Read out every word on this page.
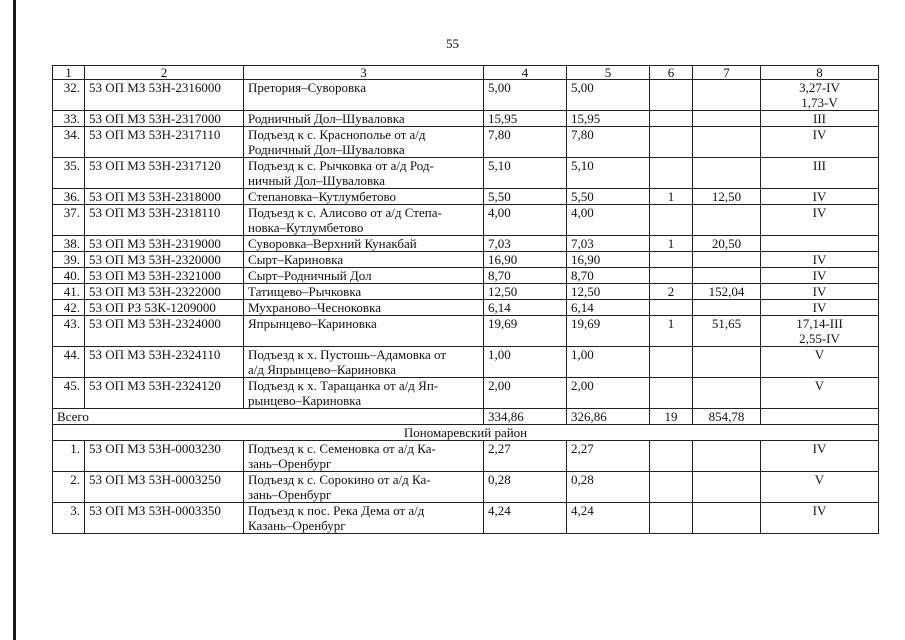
55
1	2	3	4	5	6	7	8
32.	53 ОП МЗ 53Н-2316000	Претория–Суворовка	5,00	5,00			3,27-IV
1,73-V

33.	53 ОП МЗ 53Н-2317000	Родничный Дол–Шуваловка	15,95	15,95			III

34.	53 ОП МЗ 53Н-2317110	Подъезд к с. Краснополье от а/д
Родничный Дол–Шуваловка	7,80	7,80			IV

35.	53 ОП МЗ 53Н-2317120	Подъезд к с. Рычковка от а/д Род-
ничный Дол–Шуваловка	5,10	5,10			III

36.	53 ОП МЗ 53Н-2318000	Степановка–Кутлумбетово	5,50	5,50	1	12,50	IV

37.	53 ОП МЗ 53Н-2318110	Подъезд к с. Алисово от а/д Степа-
новка–Кутлумбетово	4,00	4,00			IV

38.	53 ОП МЗ 53Н-2319000	Суворовка–Верхний Кунакбай	7,03	7,03	1	20,50	

39.	53 ОП МЗ 53Н-2320000	Сырт–Кариновка	16,90	16,90			IV

40.	53 ОП МЗ 53Н-2321000	Сырт–Родничный Дол	8,70	8,70			IV

41.	53 ОП МЗ 53Н-2322000	Татищево–Рычковка	12,50	12,50	2	152,04	IV

42.	53 ОП РЗ 53К-1209000	Мухраново–Чесноковка	6,14	6,14			IV

43.	53 ОП МЗ 53Н-2324000	Япрынцево–Кариновка	19,69	19,69	1	51,65	17,14-III
2,55-IV

44.	53 ОП МЗ 53Н-2324110	Подъезд к х. Пустошь–Адамовка от
а/д Япрынцево–Кариновка	1,00	1,00			V

45.	53 ОП МЗ 53Н-2324120	Подъезд к х. Таращанка от а/д Яп-
рынцево–Кариновка	2,00	2,00			V

Всего			334,86	326,86	19	854,78	
Пономаревский район							
1.	53 ОП МЗ 53Н-0003230	Подъезд к с. Семеновка от а/д Ка-
зань–Оренбург	2,27	2,27			IV

2.	53 ОП МЗ 53Н-0003250	Подъезд к с. Сорокино от а/д Ка-
зань–Оренбург	0,28	0,28			V

3.	53 ОП МЗ 53Н-0003350	Подъезд к пос. Река Дема от а/д
Казань–Оренбург	4,24	4,24			IV
